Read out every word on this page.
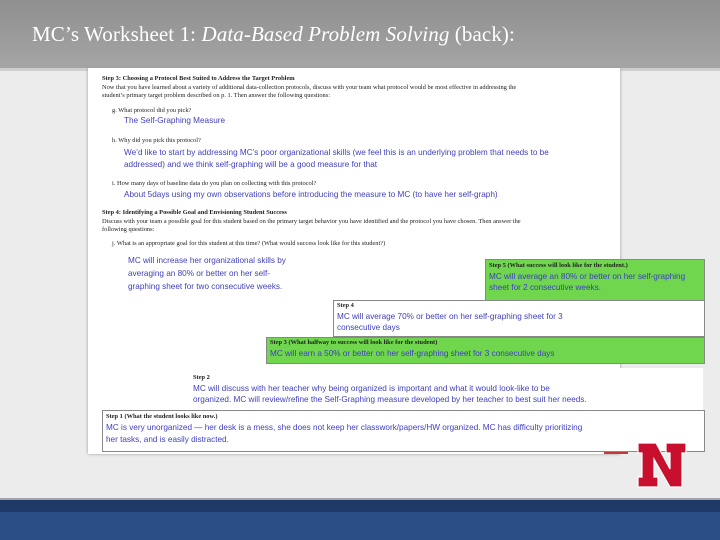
MC’s Worksheet 1: Data-Based Problem Solving (back):
Step 3: Choosing a Protocol Best Suited to Address the Target Problem
Now that you have learned about a variety of additional data-collection protocols, discuss with your team what protocol would be most effective in addressing the
student’s primary target problem described on p. 1. Then answer the following questions:
g. What protocol did you pick?
The Self-Graphing Measure
h. Why did you pick this protocol?
We’d like to start by addressing MC’s poor organizational skills (we feel this is an underlying problem that needs to be
addressed) and we think self-graphing will be a good measure for that
i. How many days of baseline data do you plan on collecting with this protocol?
About 5days using my own observations before introducing the measure to MC (to have her self-graph)
Step 4: Identifying a Possible Goal and Envisioning Student Success
Discuss with your team a possible goal for this student based on the primary target behavior you have identified and the protocol you have chosen. Then answer the
following questions:
j. What is an appropriate goal for this student at this time? (What would success look like for this student?)
MC will increase her organizational skills by
averaging an 80% or better on her self-
graphing sheet for two consecutive weeks.
Step 5 (What success will look like for the student.)
MC will average an 80% or better on her self-graphing
sheet for 2 consecutive weeks.
Step 4
MC will average 70% or better on her self-graphing sheet for 3
consecutive days
Step 3 (What halfway to success will look like for the student)
MC will earn a 50% or better on her self-graphing sheet for 3 consecutive days
Step 2
MC will discuss with her teacher why being organized is important and what it would look-like to be
organized. MC will review/refine the Self-Graphing measure developed by her teacher to best suit her needs.
Step 1 (What the student looks like now.)
MC is very unorganized — her desk is a mess, she does not keep her classwork/papers/HW organized. MC has difficulty prioritizing
her tasks, and is easily distracted.
